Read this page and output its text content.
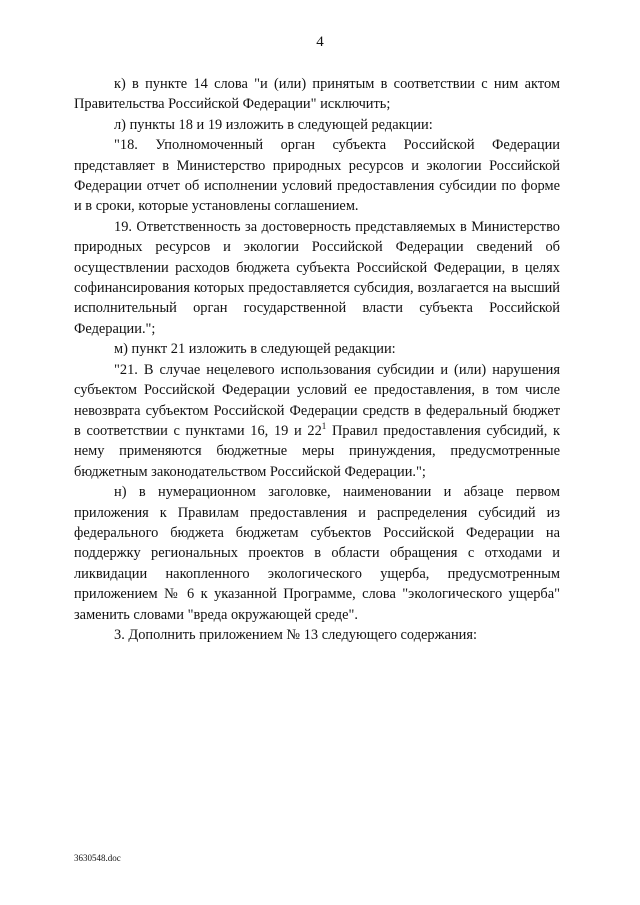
4

к) в пункте 14 слова "и (или) принятым в соответствии с ним актом Правительства Российской Федерации" исключить;

л) пункты 18 и 19 изложить в следующей редакции:

"18. Уполномоченный орган субъекта Российской Федерации представляет в Министерство природных ресурсов и экологии Российской Федерации отчет об исполнении условий предоставления субсидии по форме и в сроки, которые установлены соглашением.

19. Ответственность за достоверность представляемых в Министерство природных ресурсов и экологии Российской Федерации сведений об осуществлении расходов бюджета субъекта Российской Федерации, в целях софинансирования которых предоставляется субсидия, возлагается на высший исполнительный орган государственной власти субъекта Российской Федерации.";

м) пункт 21 изложить в следующей редакции:

"21. В случае нецелевого использования субсидии и (или) нарушения субъектом Российской Федерации условий ее предоставления, в том числе невозврата субъектом Российской Федерации средств в федеральный бюджет в соответствии с пунктами 16, 19 и $22^1$ Правил предоставления субсидий, к нему применяются бюджетные меры принуждения, предусмотренные бюджетным законодательством Российской Федерации.";

н) в нумерационном заголовке, наименовании и абзаце первом приложения к Правилам предоставления и распределения субсидий из федерального бюджета бюджетам субъектов Российской Федерации на поддержку региональных проектов в области обращения с отходами и ликвидации накопленного экологического ущерба, предусмотренным приложением № 6 к указанной Программе, слова "экологического ущерба" заменить словами "вреда окружающей среде".

3. Дополнить приложением № 13 следующего содержания:

3630548.doc
